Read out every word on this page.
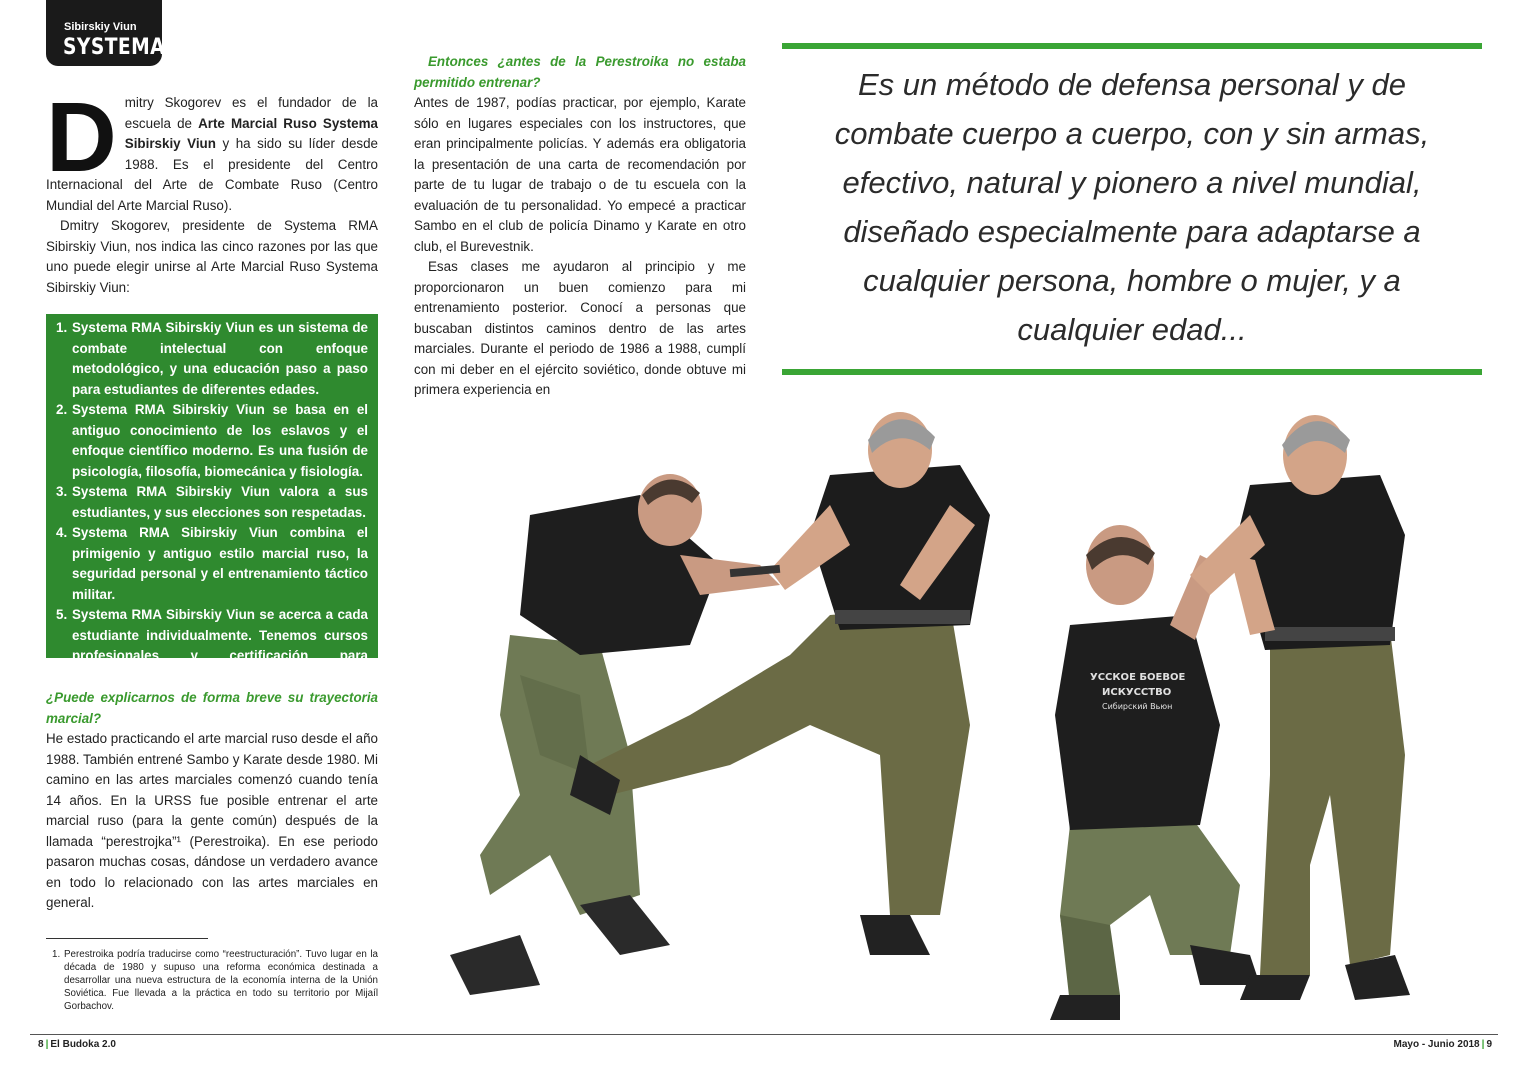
Sibirskiy Viun
SYSTEMA
D mitry Skogorev es el fundador de la escuela de Arte Marcial Ruso Systema Sibirskiy Viun y ha sido su líder desde 1988. Es el presidente del Centro Internacional del Arte de Combate Ruso (Centro Mundial del Arte Marcial Ruso).

Dmitry Skogorev, presidente de Systema RMA Sibirskiy Viun, nos indica las cinco razones por las que uno puede elegir unirse al Arte Marcial Ruso Systema Sibirskiy Viun:

1. Systema RMA Sibirskiy Viun es un sistema de combate intelectual con enfoque metodológico, y una educación paso a paso para estudiantes de diferentes edades.
2. Systema RMA Sibirskiy Viun se basa en el antiguo conocimiento de los eslavos y el enfoque científico moderno. Es una fusión de psicología, filosofía, biomecánica y fisiología.
3. Systema RMA Sibirskiy Viun valora a sus estudiantes, y sus elecciones son respetadas.
4. Systema RMA Sibirskiy Viun combina el primigenio y antiguo estilo marcial ruso, la seguridad personal y el entrenamiento táctico militar.
5. Systema RMA Sibirskiy Viun se acerca a cada estudiante individualmente. Tenemos cursos profesionales y certificación para instructores.

¿Puede explicarnos de forma breve su trayectoria marcial?

He estado practicando el arte marcial ruso desde el año 1988. También entrené Sambo y Karate desde 1980. Mi camino en las artes marciales comenzó cuando tenía 14 años. En la URSS fue posible entrenar el arte marcial ruso (para la gente común) después de la llamada “perestrojka”¹ (Perestroika). En ese periodo pasaron muchas cosas, dándose un verdadero avance en todo lo relacionado con las artes marciales en general.

1. Perestroika podría traducirse como “reestructuración”. Tuvo lugar en la década de 1980 y supuso una reforma económica destinada a desarrollar una nueva estructura de la economía interna de la Unión Soviética. Fue llevada a la práctica en todo su territorio por Mijaíl Gorbachov.

Entonces ¿antes de la Perestroika no estaba permitido entrenar?

Antes de 1987, podías practicar, por ejemplo, Karate sólo en lugares especiales con los instructores, que eran principalmente policías. Y además era obligatoria la presentación de una carta de recomendación por parte de tu lugar de trabajo o de tu escuela con la evaluación de tu personalidad. Yo empecé a practicar Sambo en el club de policía Dinamo y Karate en otro club, el Burevestnik.

Esas clases me ayudaron al principio y me proporcionaron un buen comienzo para mi entrenamiento posterior. Conocí a personas que buscaban distintos caminos dentro de las artes marciales. Durante el periodo de 1986 a 1988, cumplí con mi deber en el ejército soviético, donde obtuve mi primera experiencia en

Es un método de defensa personal y de combate cuerpo a cuerpo, con y sin armas, efectivo, natural y pionero a nivel mundial, diseñado especialmente para adaptarse a cualquier persona, hombre o mujer, y a cualquier edad...
УССКОЕ БОЕВОЕ
ИСКУССТВО
Сибирский Вьюн
8 | El Budoka 2.0	Mayo - Junio 2018 | 9
